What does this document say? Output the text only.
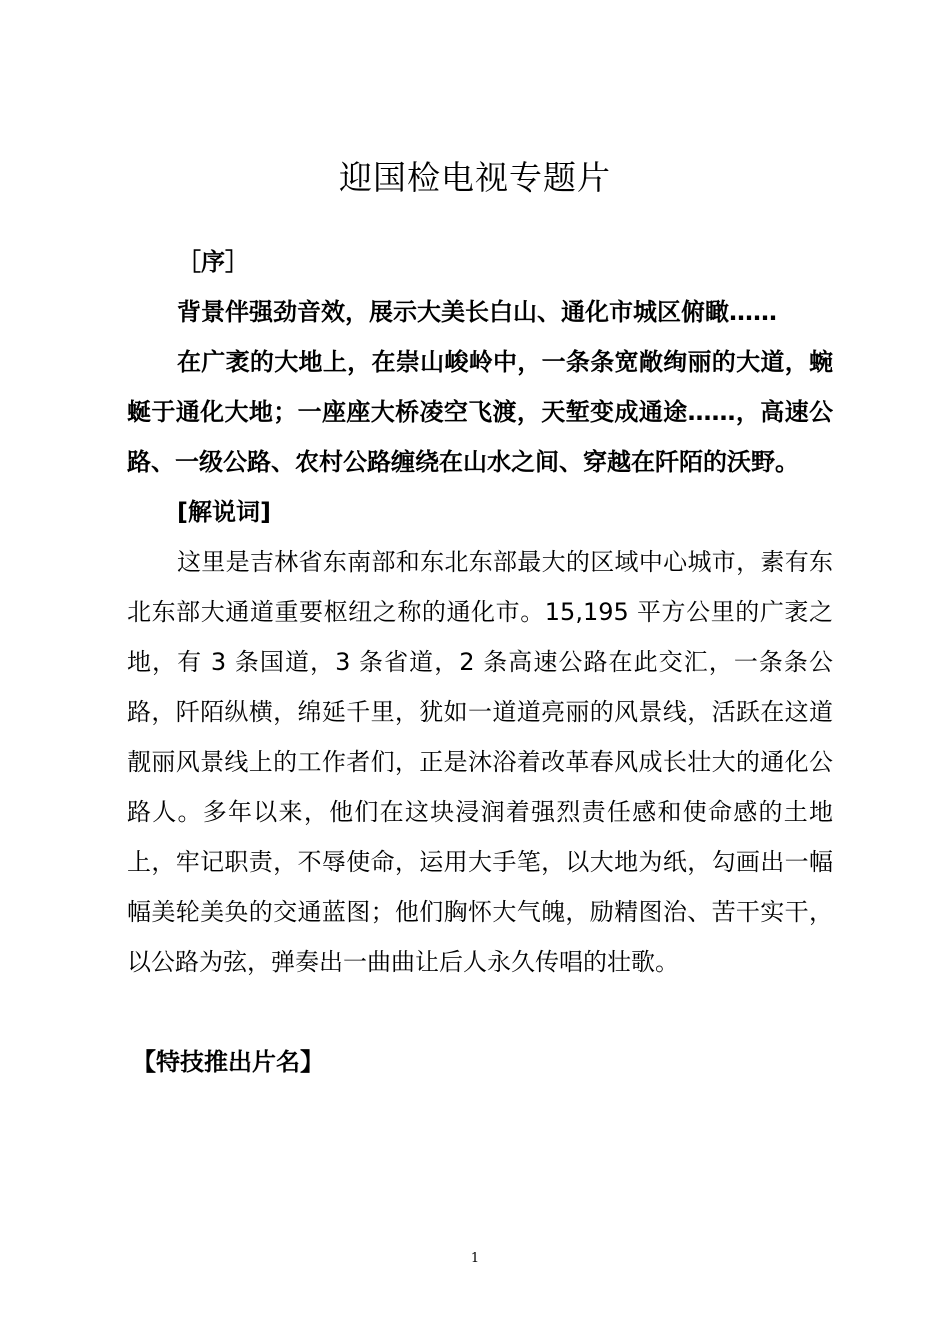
迎国检电视专题片

［序］

背景伴强劲音效，展示大美长白山、通化市城区俯瞰……

在广袤的大地上，在崇山峻岭中，一条条宽敞绚丽的大道，蜿蜒于通化大地；一座座大桥凌空飞渡，天堑变成通途……，高速公路、一级公路、农村公路缠绕在山水之间、穿越在阡陌的沃野。

[解说词]

这里是吉林省东南部和东北东部最大的区域中心城市，素有东北东部大通道重要枢纽之称的通化市。15,195 平方公里的广袤之地，有 3 条国道，3 条省道，2 条高速公路在此交汇，一条条公路，阡陌纵横，绵延千里，犹如一道道亮丽的风景线，活跃在这道靓丽风景线上的工作者们，正是沐浴着改革春风成长壮大的通化公路人。多年以来，他们在这块浸润着强烈责任感和使命感的土地上，牢记职责，不辱使命，运用大手笔，以大地为纸，勾画出一幅幅美轮美奂的交通蓝图；他们胸怀大气魄，励精图治、苦干实干，以公路为弦，弹奏出一曲曲让后人永久传唱的壮歌。

【特技推出片名】

1
